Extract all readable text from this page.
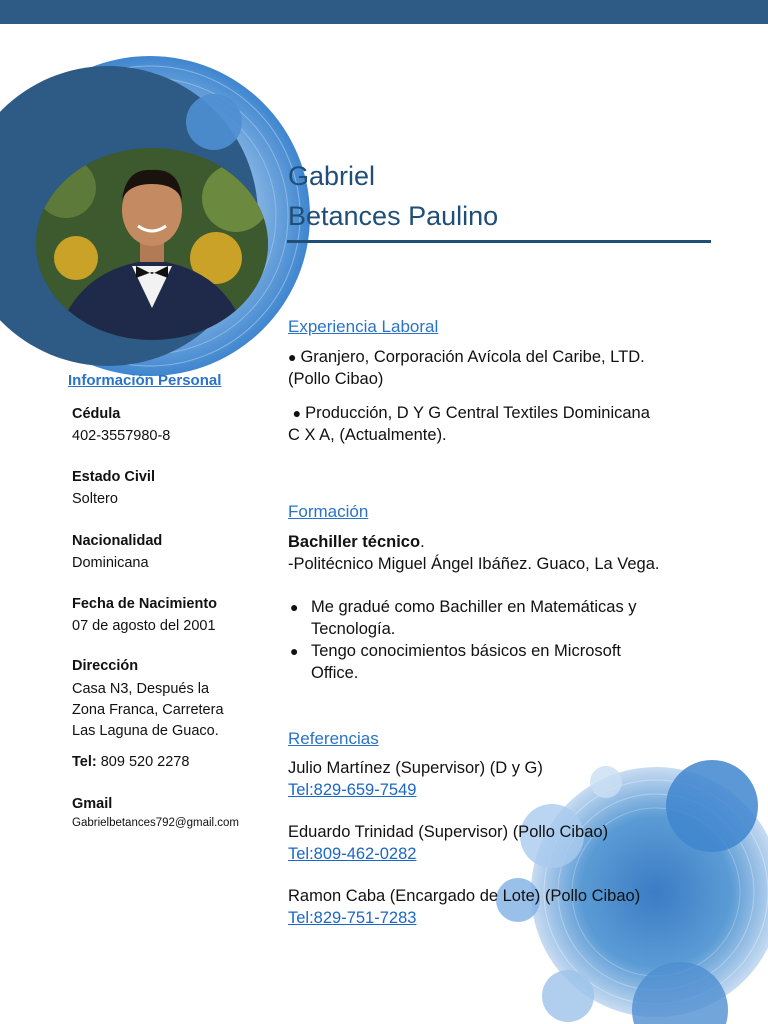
Gabriel
Betances Paulino
Experiencia Laboral
● Granjero, Corporación Avícola del Caribe, LTD.
(Pollo Cibao)
● Producción, D Y G Central Textiles Dominicana
C X A, (Actualmente).
Formación
Bachiller técnico.
-Politécnico Miguel Ángel Ibáñez. Guaco, La Vega.
● Me gradué como Bachiller en Matemáticas y
Tecnología.
● Tengo conocimientos básicos en Microsoft
Office.
Referencias
Julio Martínez (Supervisor) (D y G)
Tel:829-659-7549
Eduardo Trinidad (Supervisor) (Pollo Cibao)
Tel:809-462-0282
Ramon Caba (Encargado de Lote) (Pollo Cibao)
Tel:829-751-7283
Información Personal
Cédula
402-3557980-8
Estado Civil
Soltero
Nacionalidad
Dominicana
Fecha de Nacimiento
07 de agosto del 2001
Dirección
Casa N3, Después la
Zona Franca, Carretera
Las Laguna de Guaco.
Tel: 809 520 2278
Gmail
Gabrielbetances792@gmail.com
